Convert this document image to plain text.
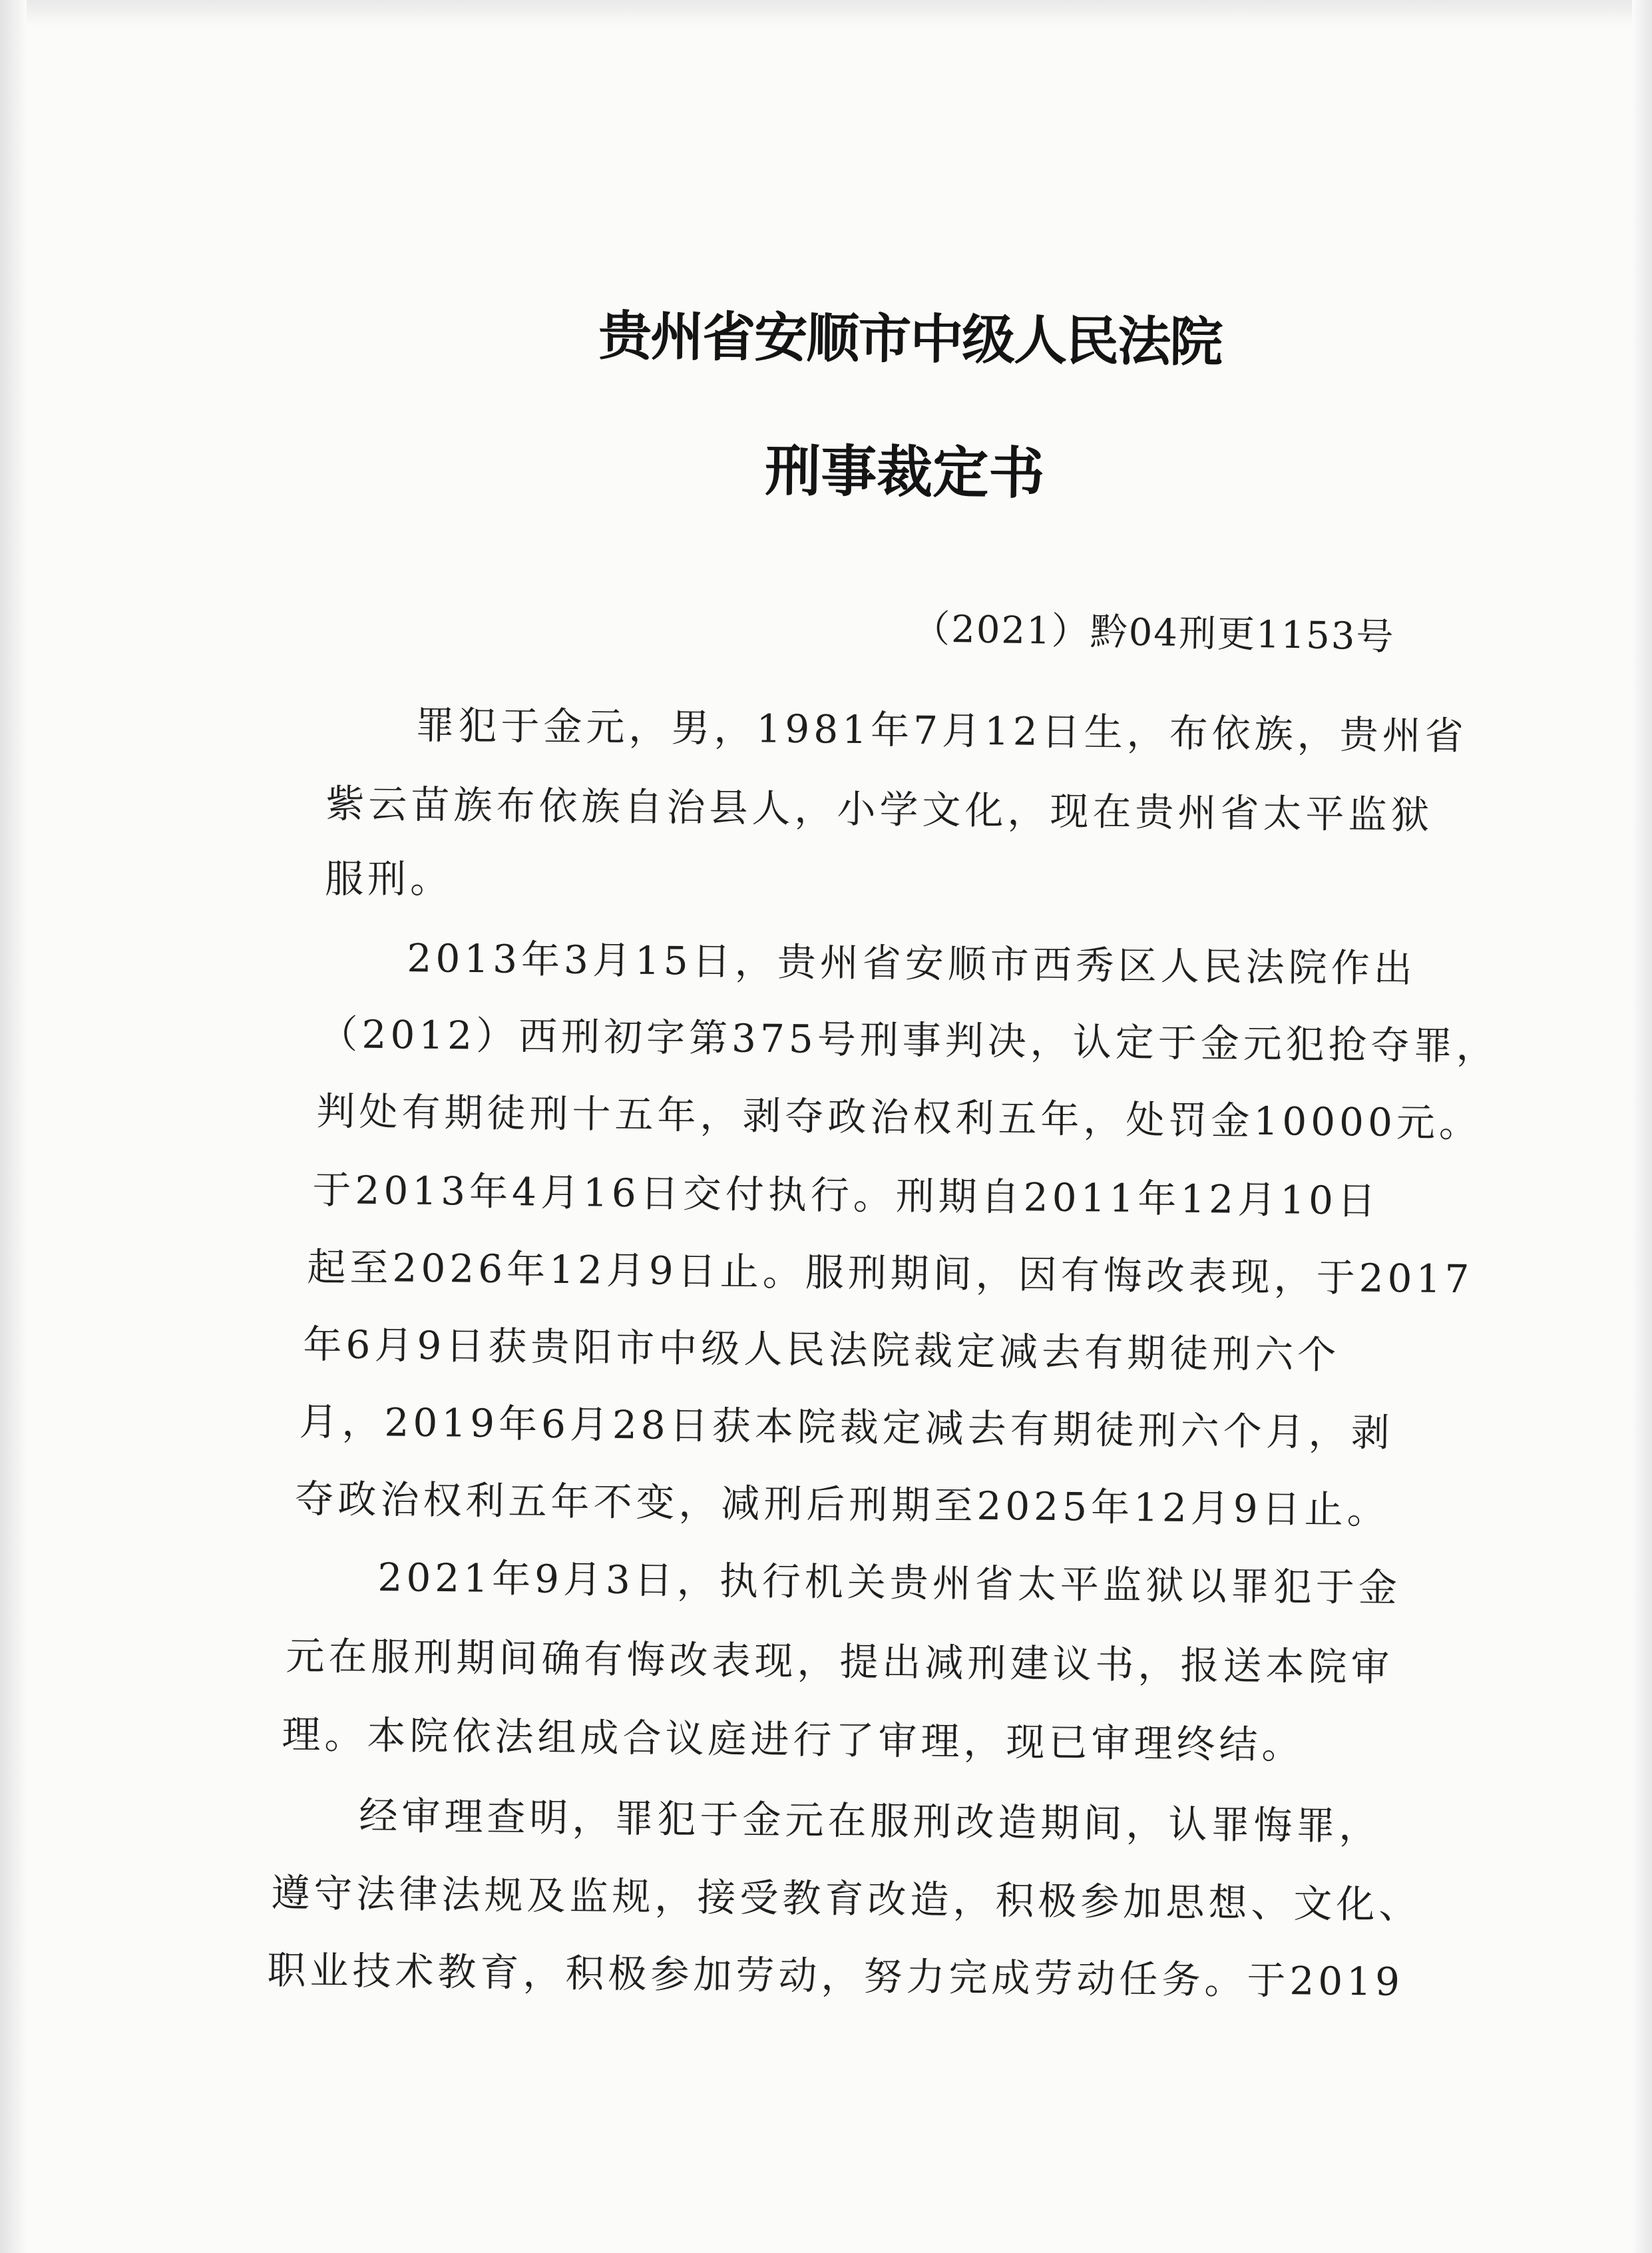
贵州省安顺市中级人民法院
刑事裁定书
（2021）黔04刑更1153号
罪犯于金元，男，1981年7月12日生，布依族，贵州省
紫云苗族布依族自治县人，小学文化，现在贵州省太平监狱
服刑。
2013年3月15日，贵州省安顺市西秀区人民法院作出
（2012）西刑初字第375号刑事判决，认定于金元犯抢夺罪，
判处有期徒刑十五年，剥夺政治权利五年，处罚金10000元。
于2013年4月16日交付执行。刑期自2011年12月10日
起至2026年12月9日止。服刑期间，因有悔改表现，于2017
年6月9日获贵阳市中级人民法院裁定减去有期徒刑六个
月，2019年6月28日获本院裁定减去有期徒刑六个月，剥
夺政治权利五年不变，减刑后刑期至2025年12月9日止。
2021年9月3日，执行机关贵州省太平监狱以罪犯于金
元在服刑期间确有悔改表现，提出减刑建议书，报送本院审
理。本院依法组成合议庭进行了审理，现已审理终结。
经审理查明，罪犯于金元在服刑改造期间，认罪悔罪，
遵守法律法规及监规，接受教育改造，积极参加思想、文化、
职业技术教育，积极参加劳动，努力完成劳动任务。于2019
